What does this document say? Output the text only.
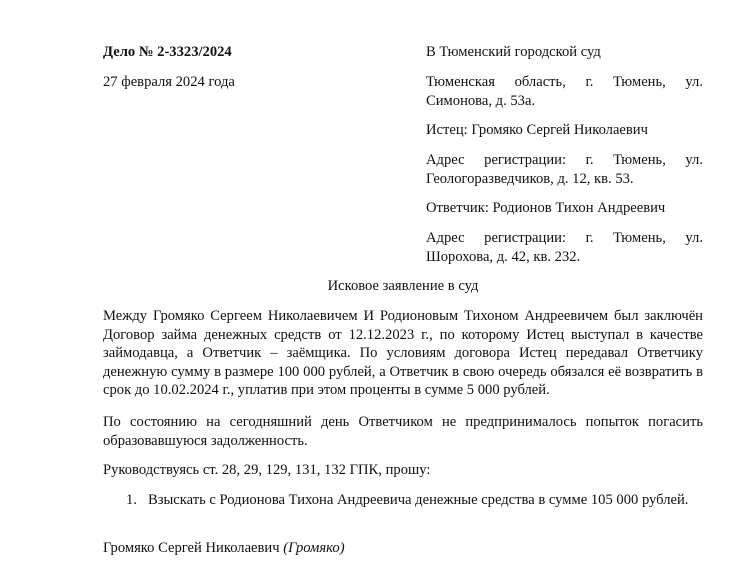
Дело № 2-3323/2024

27 февраля 2024 года

В Тюменский городской суд

Тюменская область, г. Тюмень, ул. Симонова, д. 53а.

Истец: Громяко Сергей Николаевич

Адрес регистрации: г. Тюмень, ул. Геологоразведчиков, д. 12, кв. 53.

Ответчик: Родионов Тихон Андреевич

Адрес регистрации: г. Тюмень, ул. Шорохова, д. 42, кв. 232.

Исковое заявление в суд

Между Громяко Сергеем Николаевичем И Родионовым Тихоном Андреевичем был заключён Договор займа денежных средств от 12.12.2023 г., по которому Истец выступал в качестве займодавца, а Ответчик – заёмщика. По условиям договора Истец передавал Ответчику денежную сумму в размере 100 000 рублей, а Ответчик в свою очередь обязался её возвратить в срок до 10.02.2024 г., уплатив при этом проценты в сумме 5 000 рублей.

По состоянию на сегодняшний день Ответчиком не предпринималось попыток погасить образовавшуюся задолженность.

Руководствуясь ст. 28, 29, 129, 131, 132 ГПК, прошу:

1. Взыскать с Родионова Тихона Андреевича денежные средства в сумме 105 000 рублей.

Громяко Сергей Николаевич (Громяко)
